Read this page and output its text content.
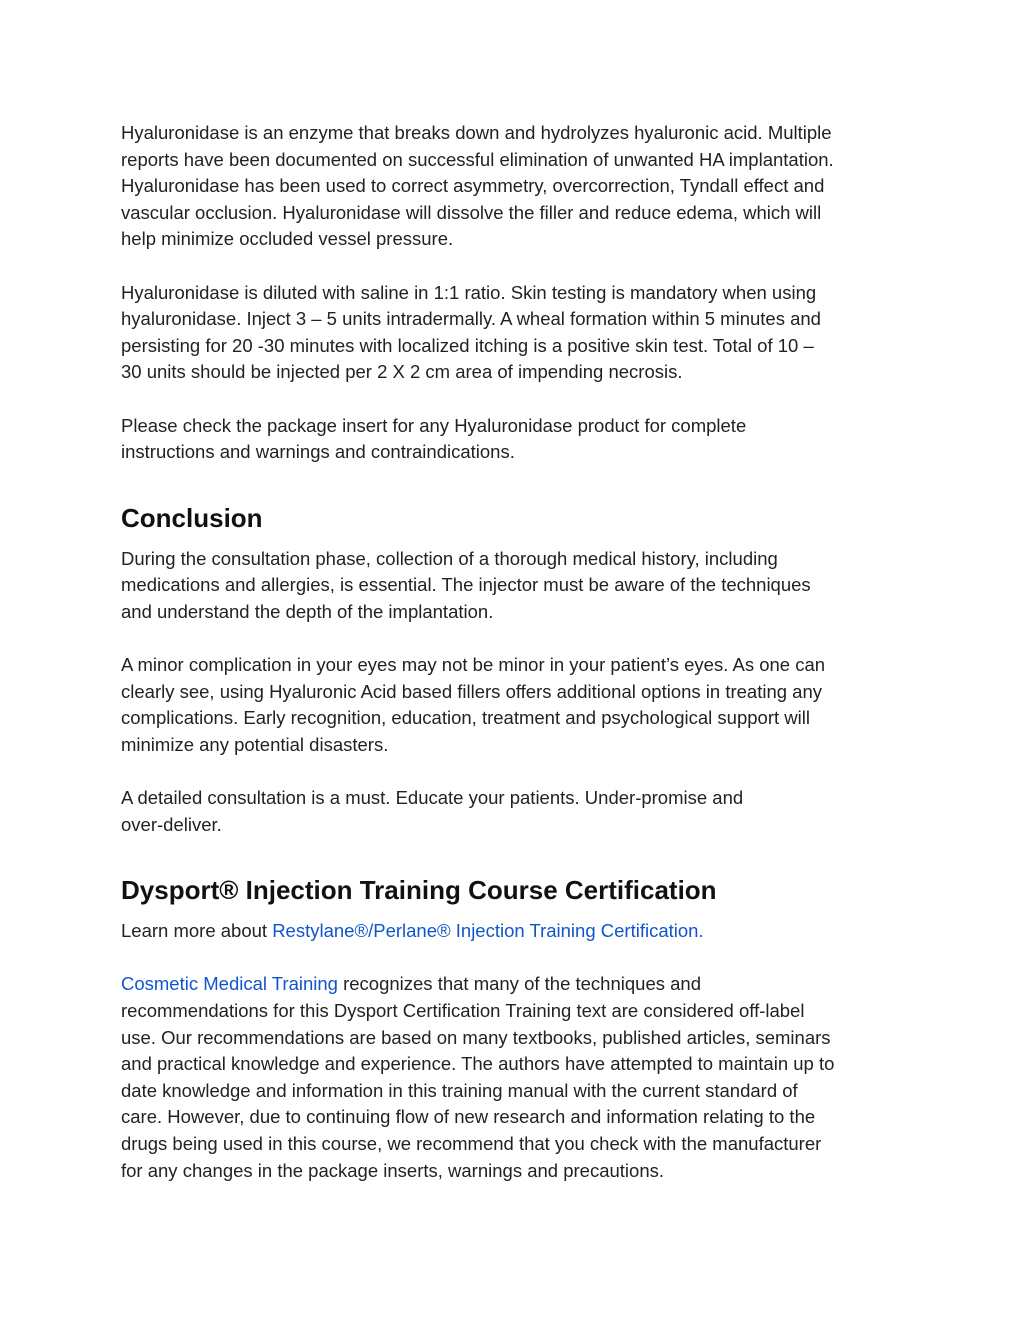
Hyaluronidase is an enzyme that breaks down and hydrolyzes hyaluronic acid. Multiple
reports have been documented on successful elimination of unwanted HA implantation.
Hyaluronidase has been used to correct asymmetry, overcorrection, Tyndall effect and
vascular occlusion. Hyaluronidase will dissolve the filler and reduce edema, which will
help minimize occluded vessel pressure.

Hyaluronidase is diluted with saline in 1:1 ratio. Skin testing is mandatory when using
hyaluronidase. Inject 3 – 5 units intradermally. A wheal formation within 5 minutes and
persisting for 20 -30 minutes with localized itching is a positive skin test. Total of 10 –
30 units should be injected per 2 X 2 cm area of impending necrosis.

Please check the package insert for any Hyaluronidase product for complete
instructions and warnings and contraindications.

Conclusion

During the consultation phase, collection of a thorough medical history, including
medications and allergies, is essential. The injector must be aware of the techniques
and understand the depth of the implantation.

A minor complication in your eyes may not be minor in your patient’s eyes. As one can
clearly see, using Hyaluronic Acid based fillers offers additional options in treating any
complications. Early recognition, education, treatment and psychological support will
minimize any potential disasters.

A detailed consultation is a must. Educate your patients. Under-promise and
over-deliver.

Dysport® Injection Training Course Certification

Learn more about Restylane®/Perlane® Injection Training Certification.

Cosmetic Medical Training recognizes that many of the techniques and
recommendations for this Dysport Certification Training text are considered off-label
use. Our recommendations are based on many textbooks, published articles, seminars
and practical knowledge and experience. The authors have attempted to maintain up to
date knowledge and information in this training manual with the current standard of
care. However, due to continuing flow of new research and information relating to the
drugs being used in this course, we recommend that you check with the manufacturer
for any changes in the package inserts, warnings and precautions.
